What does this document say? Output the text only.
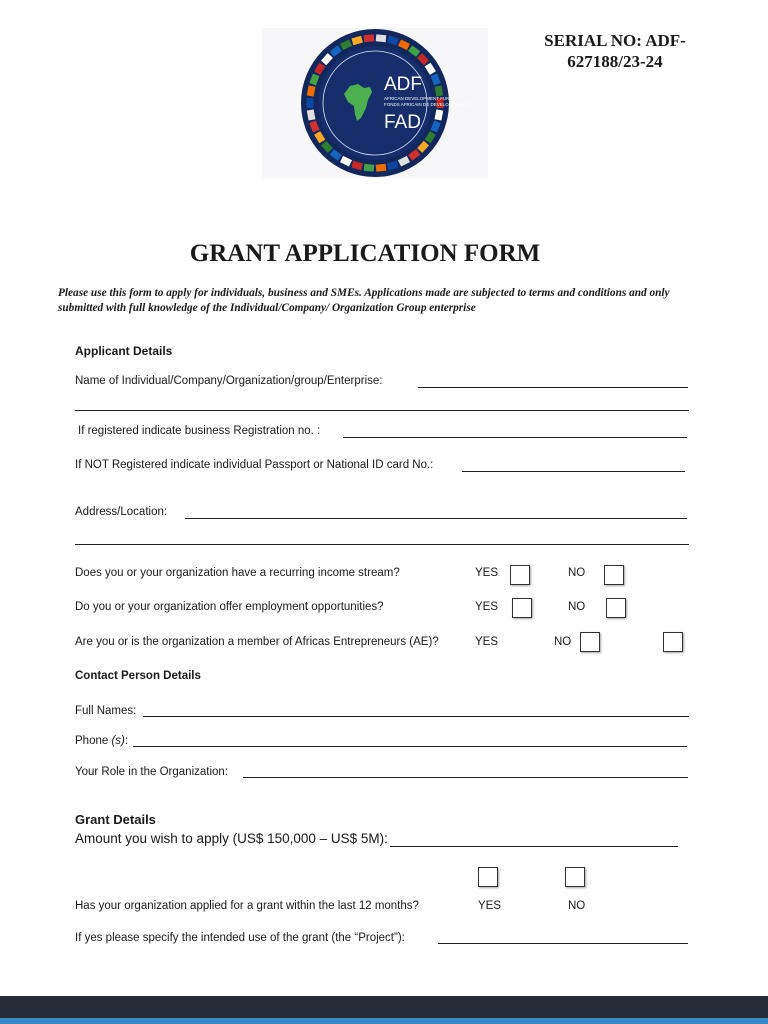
ADF
AFRICAN DEVELOPMENT FUND
FONDS AFRICAIN DE DEVELOPPEMENT
FAD
SERIAL NO: ADF-627188/23-24
GRANT APPLICATION FORM
Please use this form to apply for individuals, business and SMEs. Applications made are subjected to terms and conditions and only submitted with full knowledge of the Individual/Company/ Organization Group enterprise
Applicant Details
Name of Individual/Company/Organization/group/Enterprise:
If registered indicate business Registration no. :
If NOT Registered indicate individual Passport or National ID card No.:
Address/Location:
Does you or your organization have a recurring income stream?	YES	NO
Do you or your organization offer employment opportunities?	YES	NO
Are you or is the organization a member of Africas Entrepreneurs (AE)?	YES	NO
Contact Person Details
Full Names:
Phone (s):
Your Role in the Organization:
Grant Details
Amount you wish to apply (US$ 150,000 – US$ 5M):
Has your organization applied for a grant within the last 12 months?	YES	NO
If yes please specify the intended use of the grant (the “Project”):
